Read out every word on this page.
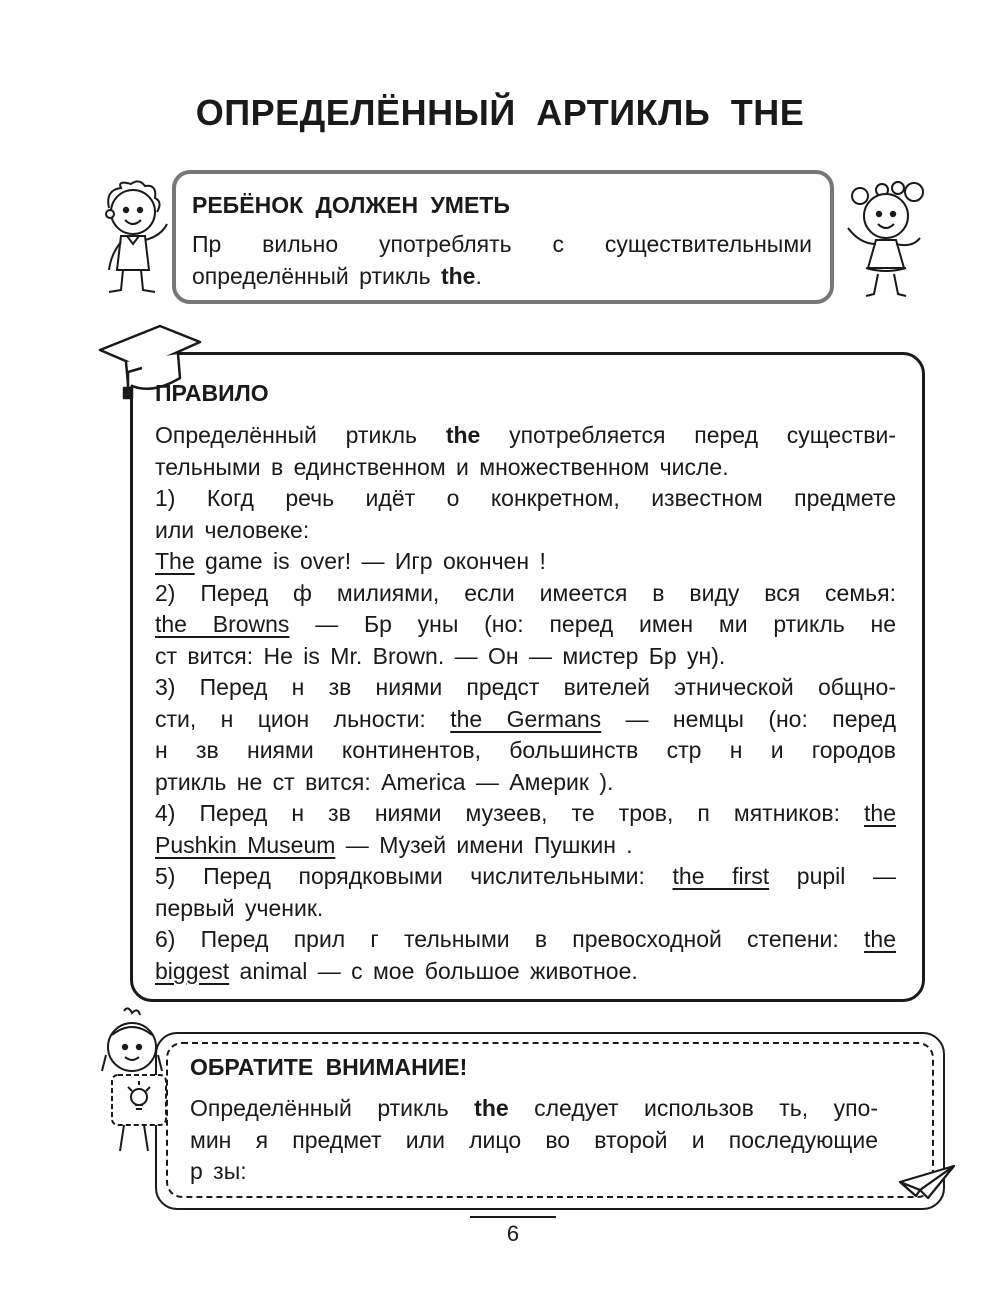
ОПРЕДЕЛЁННЫЙ АРТИКЛЬ THE
РЕБЁНОК ДОЛЖЕН УМЕТЬ

Пр вильно употреблять с существительными

определённый ртикль the.

ПРАВИЛО

Определённый ртикль the употребляется перед существи-

тельными в единственном и множественном числе.

1) Когд речь идёт о конкретном, известном предмете

или человеке:

The game is over! — Игр окончен !

2) Перед ф милиями, если имеется в виду вся семья:

the Browns — Бр уны (но: перед имен ми ртикль не

ст вится: He is Mr. Brown. — Он — мистер Бр ун).

3) Перед н зв ниями предст вителей этнической общно-

сти, н цион льности: the Germans — немцы (но: перед

н зв ниями континентов, большинств стр н и городов

ртикль не ст вится: America — Америк ).

4) Перед н зв ниями музеев, те тров, п мятников: the

Pushkin Museum — Музей имени Пушкин .

5) Перед порядковыми числительными: the first pupil —

первый ученик.

6) Перед прил г тельными в превосходной степени: the

biggest animal — с мое большое животное.

ОБРАТИТЕ ВНИМАНИЕ!

Определённый ртикль the следует использов ть, упо-

мин я предмет или лицо во второй и последующие

р зы:

6
